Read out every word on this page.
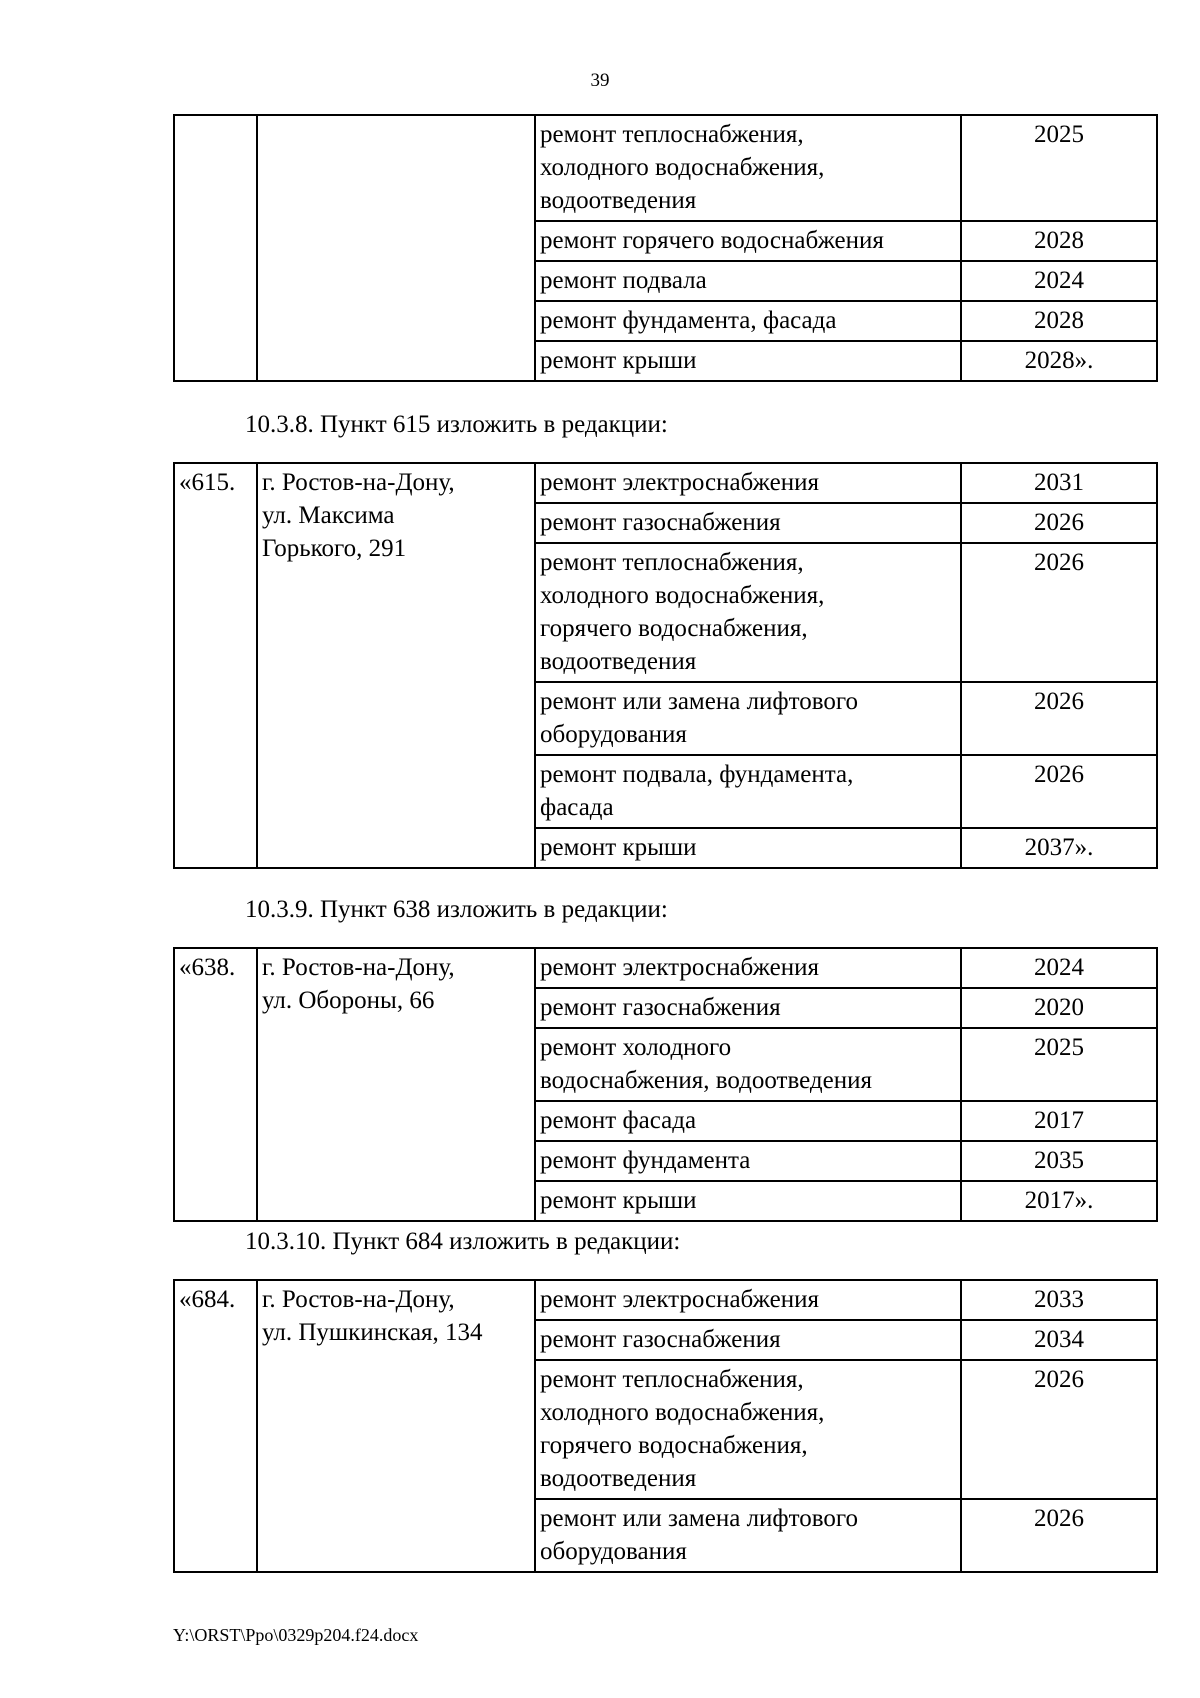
39

		ремонт теплоснабжения,
холодного водоснабжения,
водоотведения	2025

		ремонт горячего водоснабжения	2028

		ремонт подвала	2024

		ремонт фундамента, фасада	2028

		ремонт крыши	2028».
10.3.8. Пункт 615 изложить в редакции:
«615.	г. Ростов-на-Дону,
ул. Максима
Горького, 291	ремонт электроснабжения	2031

		ремонт газоснабжения	2026

		ремонт теплоснабжения,
холодного водоснабжения,
горячего водоснабжения,
водоотведения	2026

		ремонт или замена лифтового
оборудования	2026

		ремонт подвала, фундамента,
фасада	2026

		ремонт крыши	2037».
10.3.9. Пункт 638 изложить в редакции:
«638.	г. Ростов-на-Дону,
ул. Обороны, 66	ремонт электроснабжения	2024

		ремонт газоснабжения	2020

		ремонт холодного
водоснабжения, водоотведения	2025

		ремонт фасада	2017

		ремонт фундамента	2035

		ремонт крыши	2017».
10.3.10. Пункт 684 изложить в редакции:
«684.	г. Ростов-на-Дону,
ул. Пушкинская, 134	ремонт электроснабжения	2033

		ремонт газоснабжения	2034

		ремонт теплоснабжения,
холодного водоснабжения,
горячего водоснабжения,
водоотведения	2026

		ремонт или замена лифтового
оборудования	2026
Y:\ORST\Ppo\0329p204.f24.docx
